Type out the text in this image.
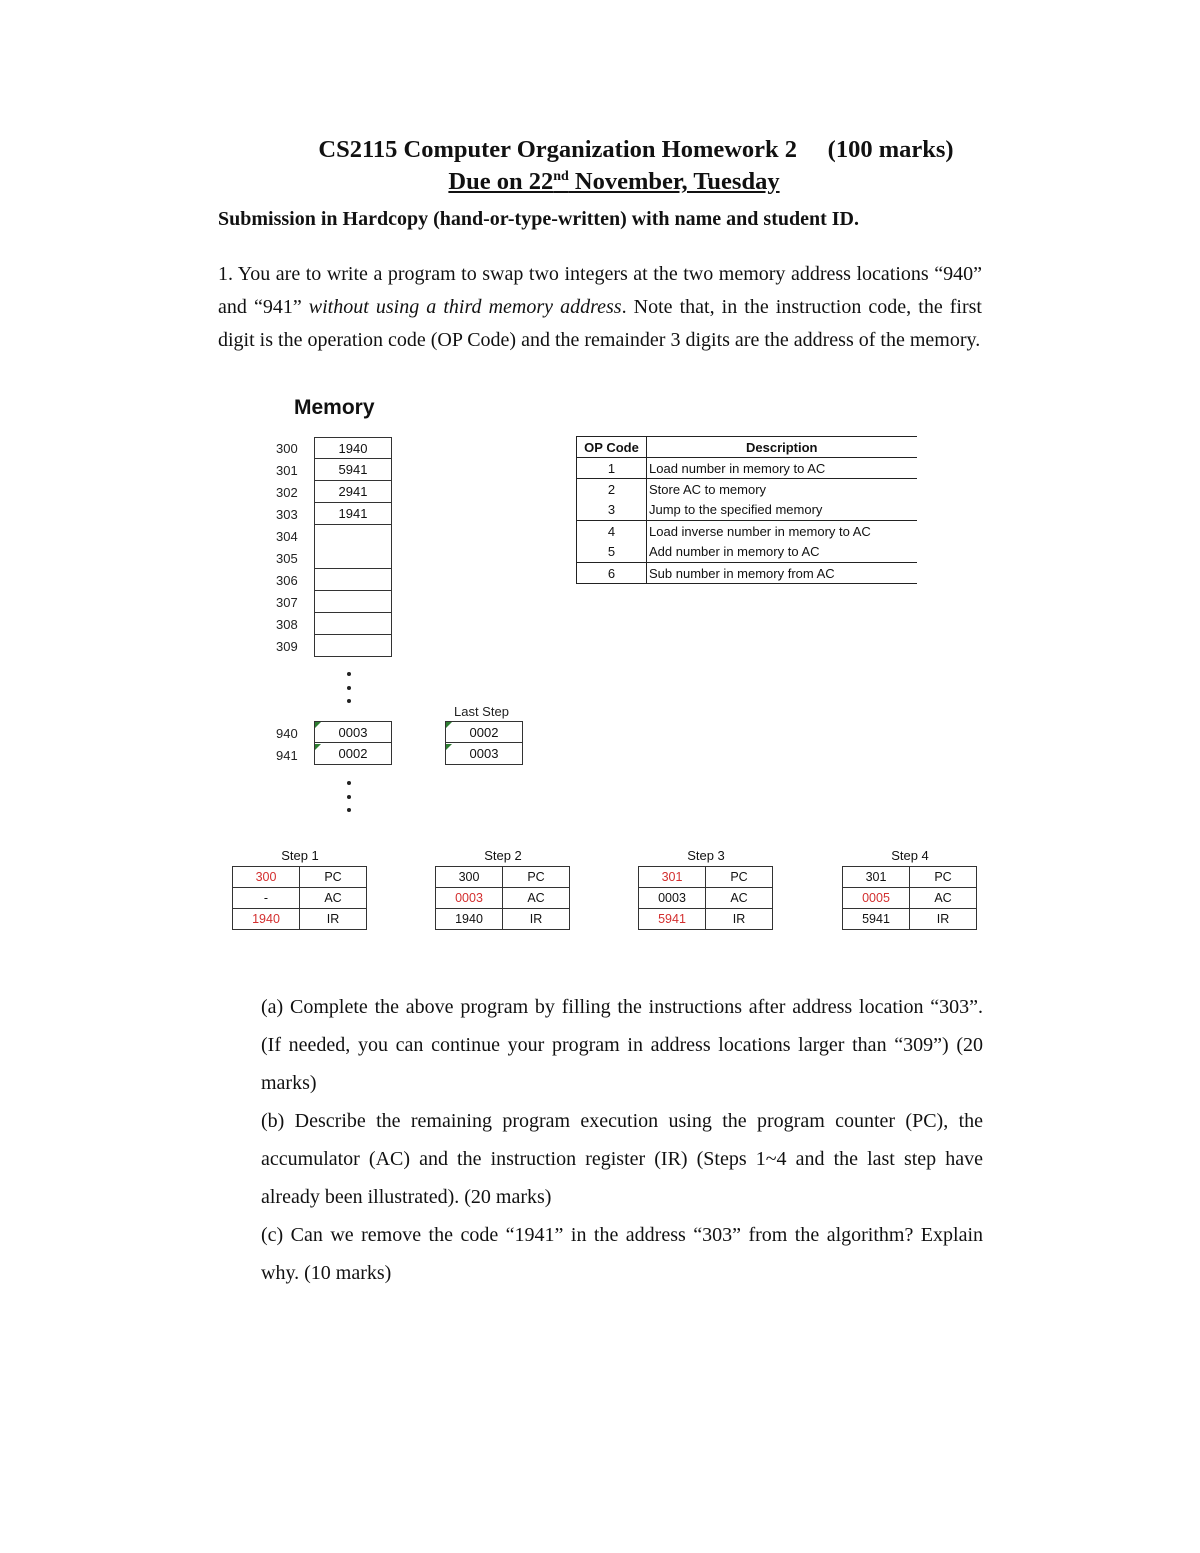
CS2115 Computer Organization Homework 2     (100 marks)
Due on 22nd November, Tuesday
Submission in Hardcopy (hand-or-type-written) with name and student ID.
1. You are to write a program to swap two integers at the two memory address locations “940” and “941” without using a third memory address. Note that, in the instruction code, the first digit is the operation code (OP Code) and the remainder 3 digits are the address of the memory.
Memory
300	1940
301	5941
302	2941
303	1941
304
305
306
307
308
309
940	0003
941	0002
Last Step
0002
0003
OP Code	Description
1	Load number in memory to AC
2	Store AC to memory
3	Jump to the specified memory
4	Load inverse number in memory to AC
5	Add number in memory to AC
6	Sub number in memory from AC
Step 1
300	PC
-	AC
1940	IR
Step 2
300	PC
0003	AC
1940	IR
Step 3
301	PC
0003	AC
5941	IR
Step 4
301	PC
0005	AC
5941	IR
(a) Complete the above program by filling the instructions after address location “303”. (If needed, you can continue your program in address locations larger than “309”) (20 marks)
(b) Describe the remaining program execution using the program counter (PC), the accumulator (AC) and the instruction register (IR) (Steps 1~4 and the last step have already been illustrated). (20 marks)
(c) Can we remove the code “1941” in the address “303” from the algorithm? Explain why. (10 marks)
